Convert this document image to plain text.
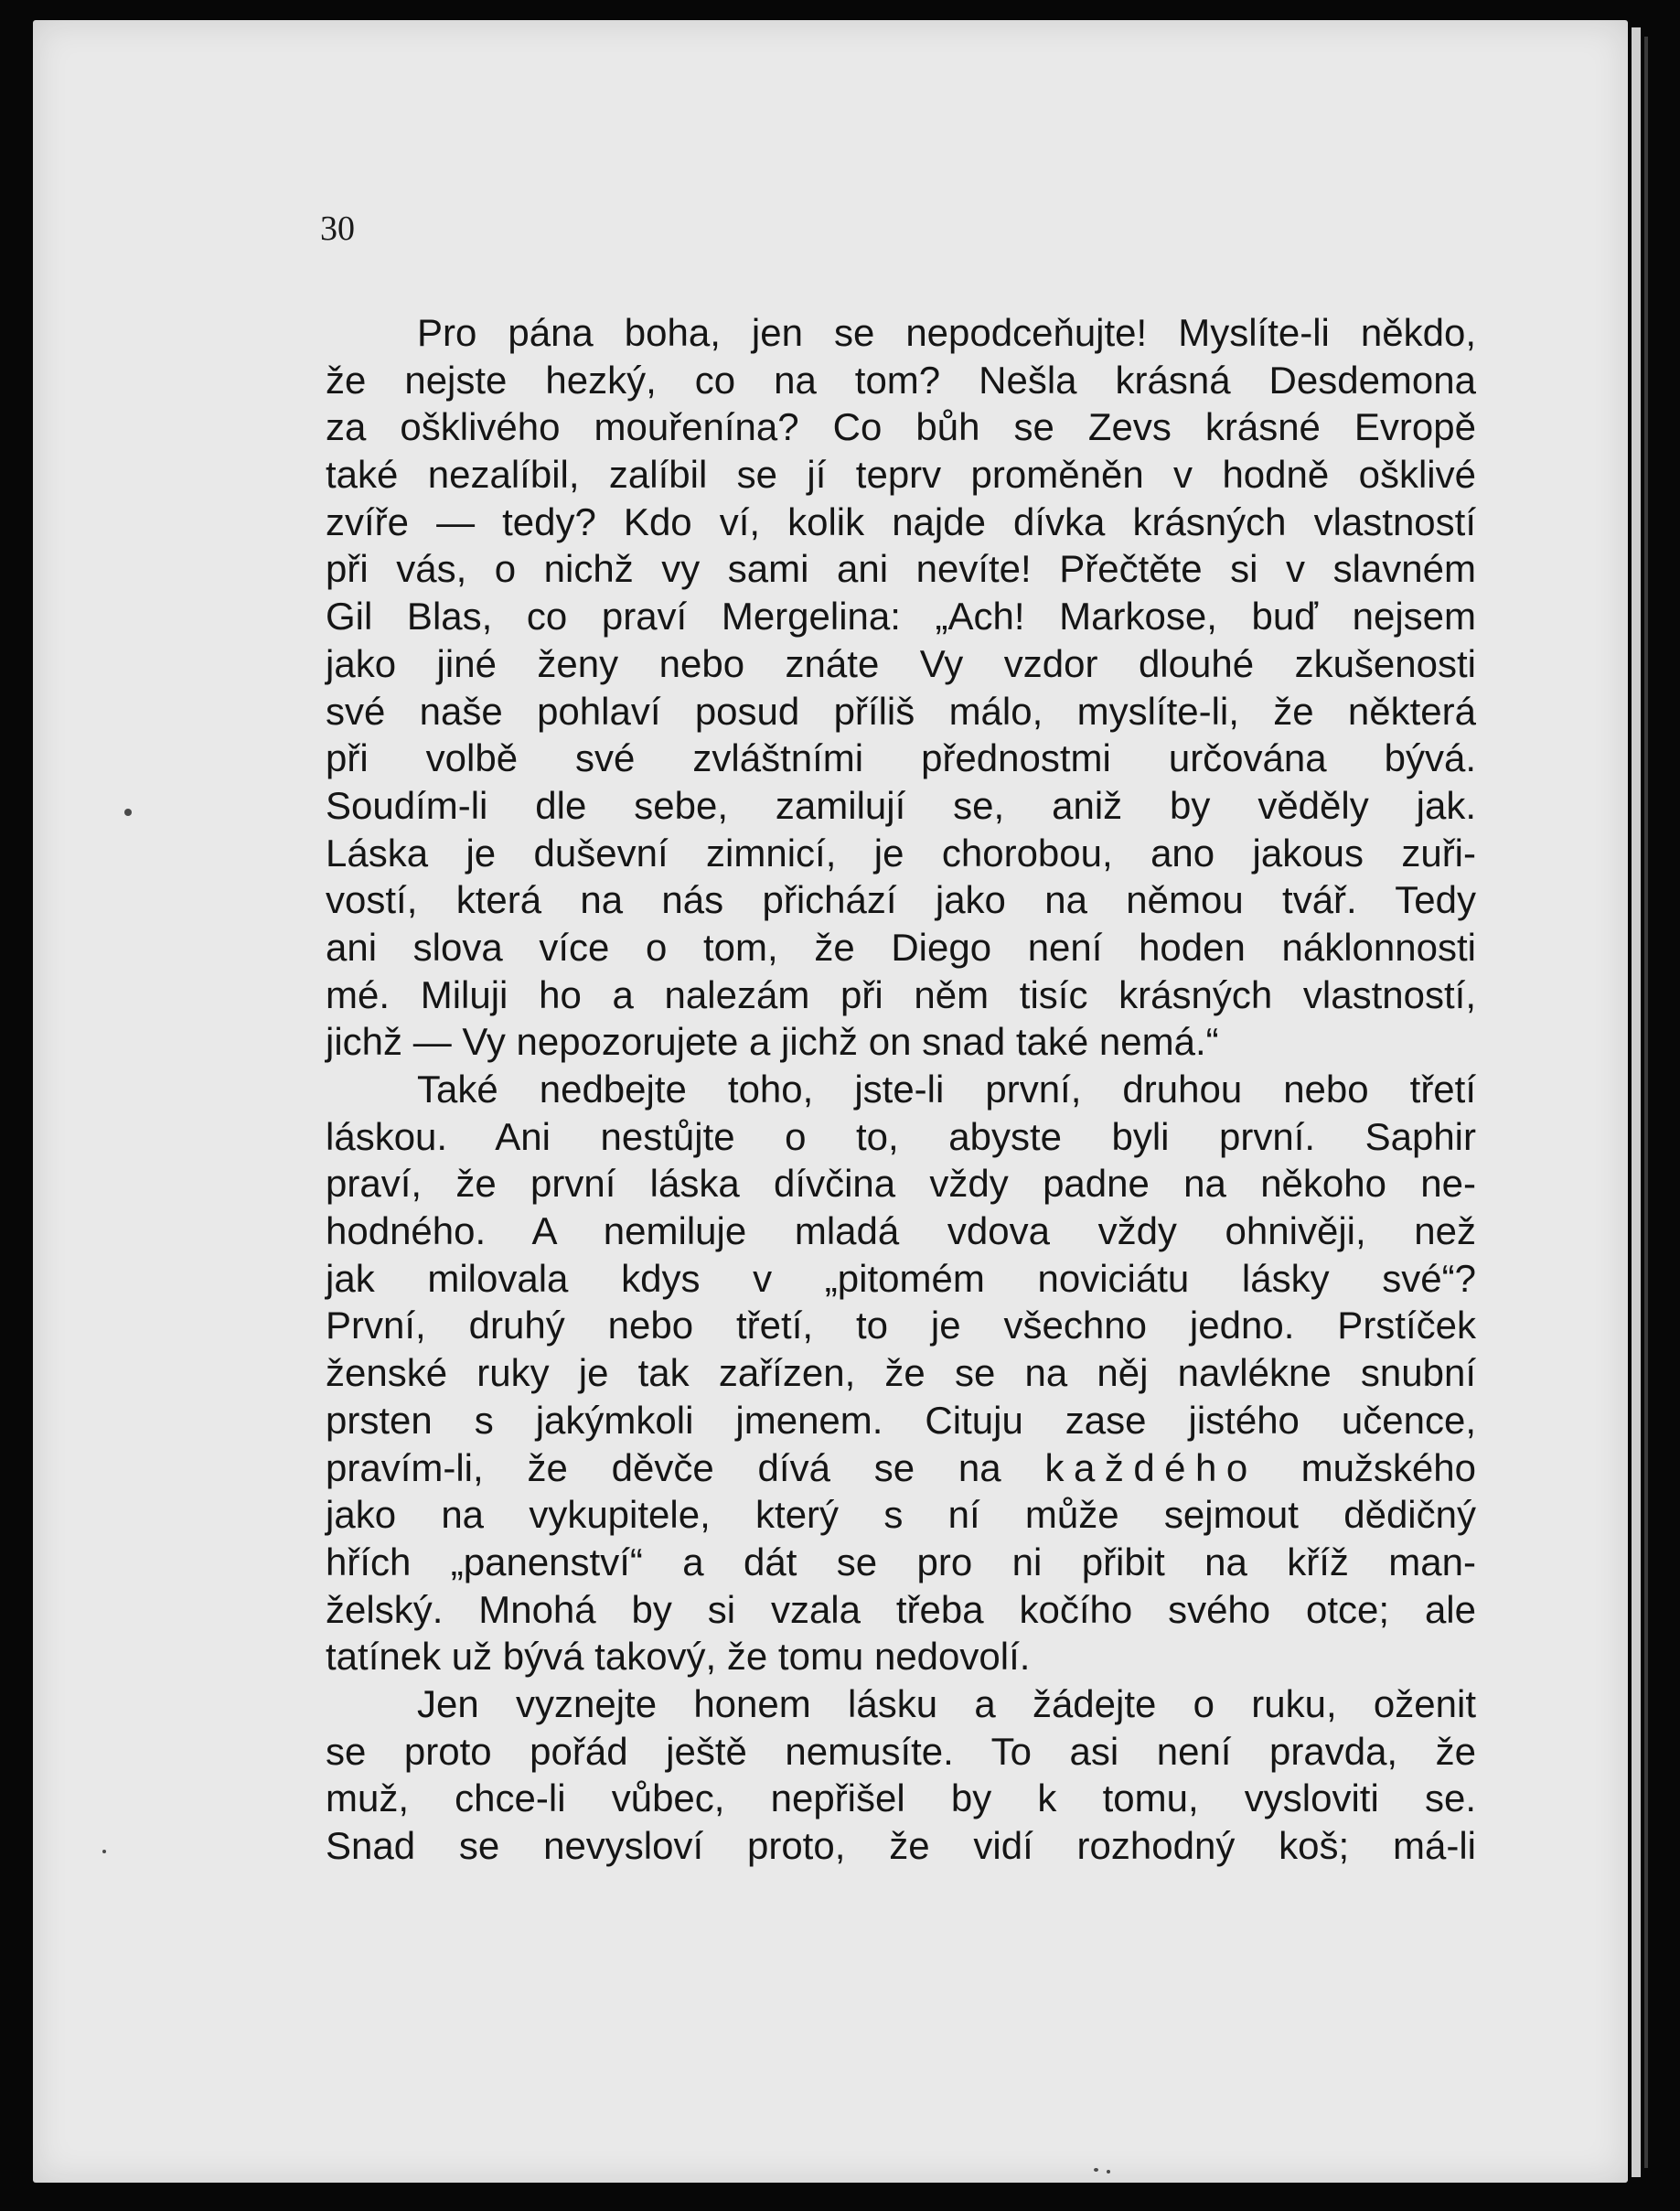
30
Pro pána boha, jen se nepodceňujte! Myslíte-li někdo,
že nejste hezký, co na tom? Nešla krásná Desdemona
za ošklivého mouřenína? Co bůh se Zevs krásné Evropě
také nezalíbil, zalíbil se jí teprv proměněn v hodně ošklivé
zvíře — tedy? Kdo ví, kolik najde dívka krásných vlastností
při vás, o nichž vy sami ani nevíte! Přečtěte si v slavném
Gil Blas, co praví Mergelina: „Ach! Markose, buď nejsem
jako jiné ženy nebo znáte Vy vzdor dlouhé zkušenosti
své naše pohlaví posud příliš málo, myslíte-li, že některá
při volbě své zvláštními přednostmi určována bývá.
Soudím-li dle sebe, zamilují se, aniž by věděly jak.
Láska je duševní zimnicí, je chorobou, ano jakous zuři-
vostí, která na nás přichází jako na němou tvář. Tedy
ani slova více o tom, že Diego není hoden náklonnosti
mé. Miluji ho a nalezám při něm tisíc krásných vlastností,
jichž — Vy nepozorujete a jichž on snad také nemá.“
Také nedbejte toho, jste-li první, druhou nebo třetí
láskou. Ani nestůjte o to, abyste byli první. Saphir
praví, že první láska dívčina vždy padne na někoho ne-
hodného. A nemiluje mladá vdova vždy ohnivěji, než
jak milovala kdys v „pitomém noviciátu lásky své“?
První, druhý nebo třetí, to je všechno jedno. Prstíček
ženské ruky je tak zařízen, že se na něj navlékne snubní
prsten s jakýmkoli jmenem. Cituju zase jistého učence,
pravím-li, že děvče dívá se na každého mužského
jako na vykupitele, který s ní může sejmout dědičný
hřích „panenství“ a dát se pro ni přibit na kříž man-
želský. Mnohá by si vzala třeba kočího svého otce; ale
tatínek už bývá takový, že tomu nedovolí.
Jen vyznejte honem lásku a žádejte o ruku, oženit
se proto pořád ještě nemusíte. To asi není pravda, že
muž, chce-li vůbec, nepřišel by k tomu, vysloviti se.
Snad se nevysloví proto, že vidí rozhodný koš; má-li
